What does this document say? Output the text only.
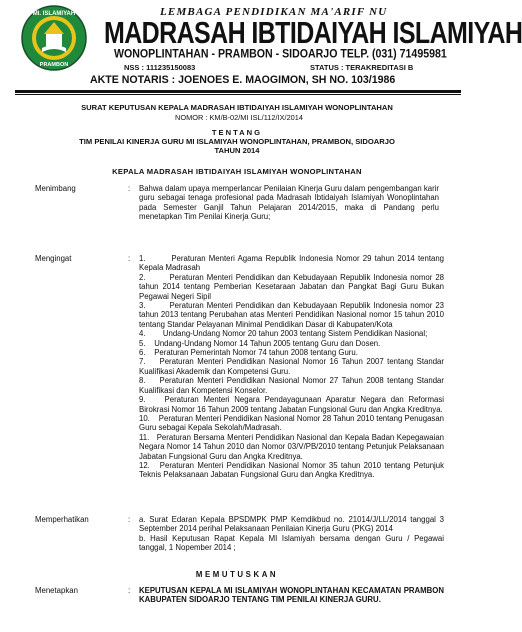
MI. ISLAMIYAH
PRAMBON
LEMBAGA PENDIDIKAN MA'ARIF NU
MADRASAH IBTIDAIYAH ISLAMIYAH
WONOPLINTAHAN - PRAMBON - SIDOARJO TELP. (031) 71495981
NSS : 111235150083	STATUS : TERAKREDITASI B
AKTE NOTARIS : JOENOES E. MAOGIMON, SH NO. 103/1986
SURAT KEPUTUSAN KEPALA MADRASAH IBTIDAIYAH ISLAMIYAH WONOPLINTAHAN
NOMOR : KM/B-02/MI ISL/112/IX/2014
TENTANG
TIM PENILAI KINERJA GURU MI ISLAMIYAH WONOPLINTAHAN, PRAMBON, SIDOARJO
TAHUN 2014
KEPALA MADRASAH IBTIDAIYAH ISLAMIYAH WONOPLINTAHAN
Menimbang	: Bahwa dalam upaya memperlancar Penilaian Kinerja Guru dalam pengembangan karir guru sebagai tenaga profesional pada Madrasah Ibtidaiyah Islamiyah Wonoplintahan pada Semester Ganjil Tahun Pelajaran 2014/2015, maka di Pandang perlu menetapkan Tim Penilai Kinerja Guru;
Mengingat	: 1.	Peraturan Menteri Agama Republik Indonesia Nomor 29 tahun 2014 tentang Kepala Madrasah
2.	Peraturan Menteri Pendidikan dan Kebudayaan Republik Indonesia nomor 28 tahun 2014 tentang Pemberian Kesetaraan Jabatan dan Pangkat Bagi Guru Bukan Pegawai Negeri Sipil
3.	Peraturan Menteri Pendidikan dan Kebudayaan Republik Indonesia nomor 23 tahun 2013 tentang Perubahan atas Menteri Pendidikan Nasional nomor 15 tahun 2010 tentang Standar Pelayanan Minimal Pendidikan Dasar di Kabupaten/Kota
4. Undang-Undang Nomor 20 tahun 2003 tentang Sistem Pendidikan Nasional;
5. Undang-Undang Nomor 14 Tahun 2005 tentang Guru dan Dosen.
6. Peraturan Pemerintah Nomor 74 tahun 2008 tentang Guru.
7. Peraturan Menteri Pendidikan Nasional Nomor 16 Tahun 2007 tentang Standar Kualifikasi Akademik dan Kompetensi Guru.
8. Peraturan Menteri Pendidikan Nasional Nomor 27 Tahun 2008 tentang Standar Kualifikasi dan Kompetensi Konselor.
9. Peraturan Menteri Negara Pendayagunaan Aparatur Negara dan Reformasi Birokrasi Nomor 16 Tahun 2009 tentang Jabatan Fungsional Guru dan Angka Kreditnya.
10. Peraturan Menteri Pendidikan Nasional Nomor 28 Tahun 2010 tentang Penugasan Guru sebagai Kepala Sekolah/Madrasah.
11. Peraturan Bersama Menteri Pendidikan Nasional dan Kepala Badan Kepegawaian Negara Nomor 14 Tahun 2010 dan Nomor 03/V/PB/2010 tentang Petunjuk Pelaksanaan Jabatan Fungsional Guru dan Angka Kreditnya.
12. Peraturan Menteri Pendidikan Nasional Nomor 35 tahun 2010 tentang Petunjuk Teknis Pelaksanaan Jabatan Fungsional Guru dan Angka Kreditnya.
Memperhatikan	: a. Surat Edaran Kepala BPSDMPK PMP Kemdikbud no. 21014/J/LL/2014 tanggal 3 September 2014 perihal Pelaksanaan Penilaian Kinerja Guru (PKG) 2014
b. Hasil Keputusan Rapat Kepala MI Islamiyah bersama dengan Guru / Pegawai tanggal, 1 Nopember 2014 ;
MEMUTUSKAN
Menetapkan	: KEPUTUSAN KEPALA MI ISLAMIYAH WONOPLINTAHAN KECAMATAN PRAMBON KABUPATEN SIDOARJO TENTANG TIM PENILAI KINERJA GURU.
